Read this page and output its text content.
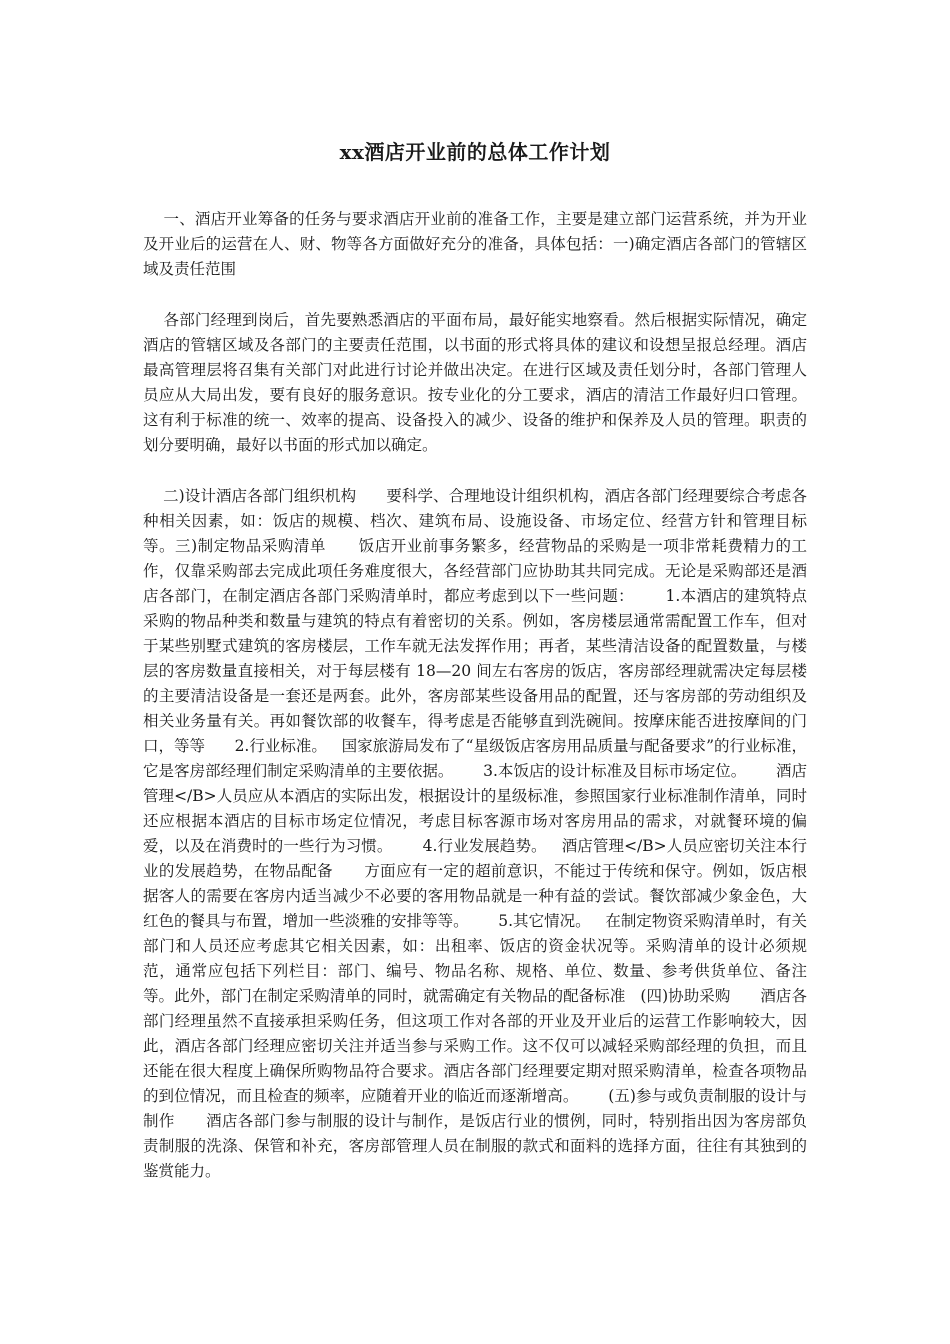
xx酒店开业前的总体工作计划

一、酒店开业筹备的任务与要求酒店开业前的准备工作，主要是建立部门运营系统，并为开业及开业后的运营在人、财、物等各方面做好充分的准备，具体包括：一)确定酒店各部门的管辖区域及责任范围

各部门经理到岗后，首先要熟悉酒店的平面布局，最好能实地察看。然后根据实际情况，确定酒店的管辖区域及各部门的主要责任范围，以书面的形式将具体的建议和设想呈报总经理。酒店最高管理层将召集有关部门对此进行讨论并做出决定。在进行区域及责任划分时，各部门管理人员应从大局出发，要有良好的服务意识。按专业化的分工要求，酒店的清洁工作最好归口管理。这有利于标准的统一、效率的提高、设备投入的减少、设备的维护和保养及人员的管理。职责的划分要明确，最好以书面的形式加以确定。

二)设计酒店各部门组织机构      要科学、合理地设计组织机构，酒店各部门经理要综合考虑各种相关因素，如：饭店的规模、档次、建筑布局、设施设备、市场定位、经营方针和管理目标等。三)制定物品采购清单      饭店开业前事务繁多，经营物品的采购是一项非常耗费精力的工作，仅靠采购部去完成此项任务难度很大，各经营部门应协助其共同完成。无论是采购部还是酒店各部门，在制定酒店各部门采购清单时，都应考虑到以下一些问题：      1.本酒店的建筑特点      采购的物品种类和数量与建筑的特点有着密切的关系。例如，客房楼层通常需配置工作车，但对于某些别墅式建筑的客房楼层，工作车就无法发挥作用；再者，某些清洁设备的配置数量，与楼层的客房数量直接相关，对于每层楼有 18—20 间左右客房的饭店，客房部经理就需决定每层楼的主要清洁设备是一套还是两套。此外，客房部某些设备用品的配置，还与客房部的劳动组织及相关业务量有关。再如餐饮部的收餐车，得考虑是否能够直到洗碗间。按摩床能否进按摩间的门口，等等      2.行业标准。   国家旅游局发布了“星级饭店客房用品质量与配备要求”的行业标准，它是客房部经理们制定采购清单的主要依据。      3.本饭店的设计标准及目标市场定位。      酒店管理</B>人员应从本酒店的实际出发，根据设计的星级标准，参照国家行业标准制作清单，同时还应根据本酒店的目标市场定位情况，考虑目标客源市场对客房用品的需求，对就餐环境的偏爱，以及在消费时的一些行为习惯。      4.行业发展趋势。   酒店管理</B>人员应密切关注本行业的发展趋势，在物品配备      方面应有一定的超前意识，不能过于传统和保守。例如，饭店根据客人的需要在客房内适当减少不必要的客用物品就是一种有益的尝试。餐饮部减少象金色，大红色的餐具与布置，增加一些淡雅的安排等等。      5.其它情况。   在制定物资采购清单时，有关部门和人员还应考虑其它相关因素，如：出租率、饭店的资金状况等。采购清单的设计必须规范，通常应包括下列栏目：部门、编号、物品名称、规格、单位、数量、参考供货单位、备注等。此外，部门在制定采购清单的同时，就需确定有关物品的配备标准   (四)协助采购      酒店各部门经理虽然不直接承担采购任务，但这项工作对各部的开业及开业后的运营工作影响较大，因此，酒店各部门经理应密切关注并适当参与采购工作。这不仅可以减轻采购部经理的负担，而且还能在很大程度上确保所购物品符合要求。酒店各部门经理要定期对照采购清单，检查各项物品的到位情况，而且检查的频率，应随着开业的临近而逐渐增高。      (五)参与或负责制服的设计与制作      酒店各部门参与制服的设计与制作，是饭店行业的惯例，同时，特别指出因为客房部负责制服的洗涤、保管和补充，客房部管理人员在制服的款式和面料的选择方面，往往有其独到的鉴赏能力。
